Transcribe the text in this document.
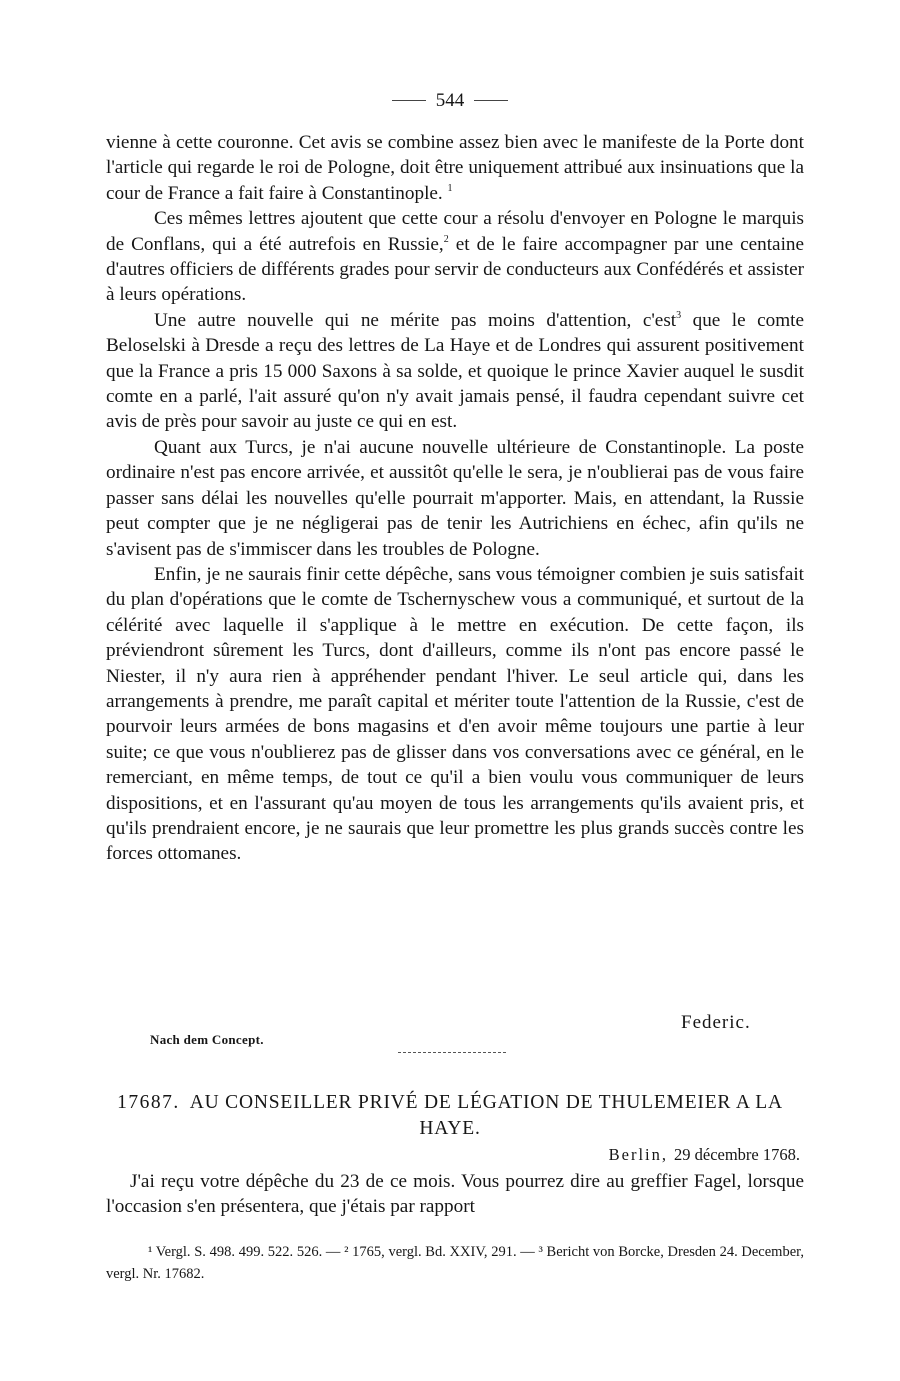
544

vienne à cette couronne. Cet avis se combine assez bien avec le manifeste de la Porte dont l'article qui regarde le roi de Pologne, doit être uniquement attribué aux insinuations que la cour de France a fait faire à Constantinople. $^1$

Ces mêmes lettres ajoutent que cette cour a résolu d'envoyer en Pologne le marquis de Conflans, qui a été autrefois en Russie,$^2$ et de le faire accompagner par une centaine d'autres officiers de différents grades pour servir de conducteurs aux Confédérés et assister à leurs opérations.

Une autre nouvelle qui ne mérite pas moins d'attention, c'est$^3$ que le comte Beloselski à Dresde a reçu des lettres de La Haye et de Londres qui assurent positivement que la France a pris 15 000 Saxons à sa solde, et quoique le prince Xavier auquel le susdit comte en a parlé, l'ait assuré qu'on n'y avait jamais pensé, il faudra cependant suivre cet avis de près pour savoir au juste ce qui en est.

Quant aux Turcs, je n'ai aucune nouvelle ultérieure de Constantinople. La poste ordinaire n'est pas encore arrivée, et aussitôt qu'elle le sera, je n'oublierai pas de vous faire passer sans délai les nouvelles qu'elle pourrait m'apporter. Mais, en attendant, la Russie peut compter que je ne négligerai pas de tenir les Autrichiens en échec, afin qu'ils ne s'avisent pas de s'immiscer dans les troubles de Pologne.

Enfin, je ne saurais finir cette dépêche, sans vous témoigner combien je suis satisfait du plan d'opérations que le comte de Tschernyschew vous a communiqué, et surtout de la célérité avec laquelle il s'applique à le mettre en exécution. De cette façon, ils préviendront sûrement les Turcs, dont d'ailleurs, comme ils n'ont pas encore passé le Niester, il n'y aura rien à appréhender pendant l'hiver. Le seul article qui, dans les arrangements à prendre, me paraît capital et mériter toute l'attention de la Russie, c'est de pourvoir leurs armées de bons magasins et d'en avoir même toujours une partie à leur suite; ce que vous n'oublierez pas de glisser dans vos conversations avec ce général, en le remerciant, en même temps, de tout ce qu'il a bien voulu vous communiquer de leurs dispositions, et en l'assurant qu'au moyen de tous les arrangements qu'ils avaient pris, et qu'ils prendraient encore, je ne saurais que leur promettre les plus grands succès contre les forces ottomanes.

Federic.
Nach dem Concept.
17687. AU CONSEILLER PRIVÉ DE LÉGATION DE THULEMEIER A LA HAYE.
Berlin, 29 décembre 1768.

J'ai reçu votre dépêche du 23 de ce mois. Vous pourrez dire au greffier Fagel, lorsque l'occasion s'en présentera, que j'étais par rapport

¹ Vergl. S. 498. 499. 522. 526. — ² 1765, vergl. Bd. XXIV, 291. — ³ Bericht von Borcke, Dresden 24. December, vergl. Nr. 17682.
